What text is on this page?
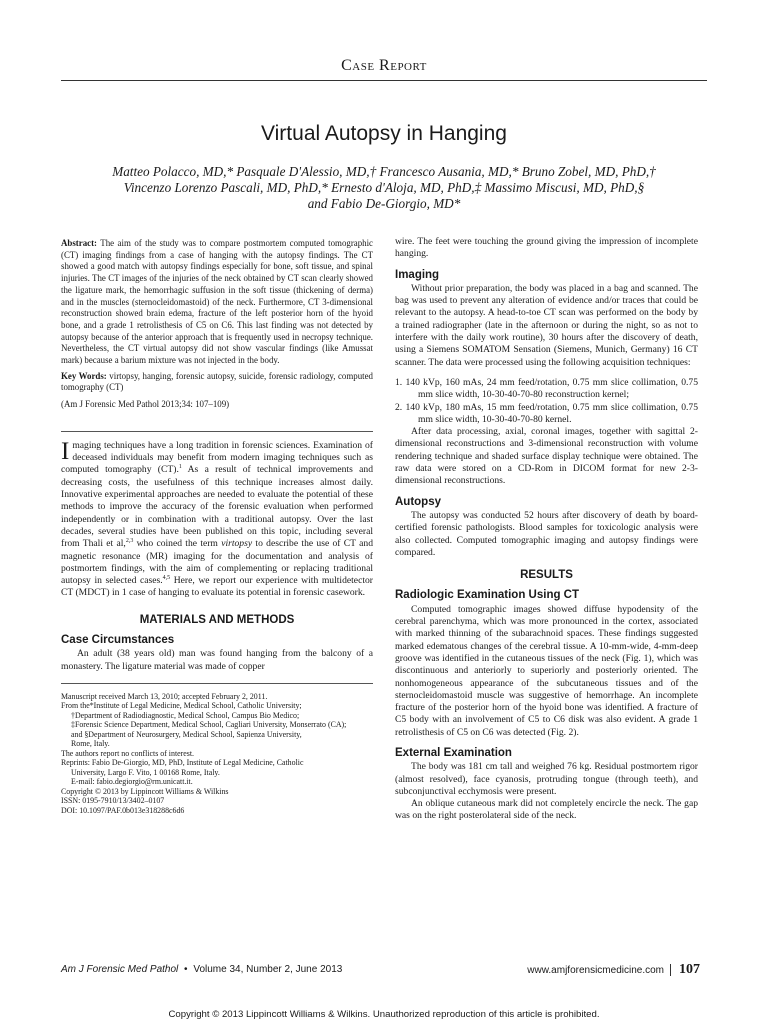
Case Report
Virtual Autopsy in Hanging
Matteo Polacco, MD,* Pasquale D'Alessio, MD,† Francesco Ausania, MD,* Bruno Zobel, MD, PhD,†
Vincenzo Lorenzo Pascali, MD, PhD,* Ernesto d'Aloja, MD, PhD,‡ Massimo Miscusi, MD, PhD,§
and Fabio De-Giorgio, MD*
Abstract: The aim of the study was to compare postmortem computed tomographic (CT) imaging findings from a case of hanging with the autopsy findings. The CT showed a good match with autopsy findings especially for bone, soft tissue, and spinal injuries. The CT images of the injuries of the neck obtained by CT scan clearly showed the ligature mark, the hemorrhagic suffusion in the soft tissue (thickening of derma) and in the muscles (sternocleidomastoid) of the neck. Furthermore, CT 3-dimensional reconstruction showed brain edema, fracture of the left posterior horn of the hyoid bone, and a grade 1 retrolisthesis of C5 on C6. This last finding was not detected by autopsy because of the anterior approach that is frequently used in necropsy technique. Nevertheless, the CT virtual autopsy did not show vascular findings (like Amussat mark) because a barium mixture was not injected in the body.
Key Words: virtopsy, hanging, forensic autopsy, suicide, forensic radiology, computed tomography (CT)
(Am J Forensic Med Pathol 2013;34: 107–109)
Imaging techniques have a long tradition in forensic sciences. Examination of deceased individuals may benefit from modern imaging techniques such as computed tomography (CT).$^1$ As a result of technical improvements and decreasing costs, the usefulness of this technique increases almost daily. Innovative experimental approaches are needed to evaluate the potential of these methods to improve the accuracy of the forensic evaluation when performed independently or in combination with a traditional autopsy. Over the last decades, several studies have been published on this topic, including several from Thali et al,$^{2,3}$ who coined the term virtopsy to describe the use of CT and magnetic resonance (MR) imaging for the documentation and analysis of postmortem findings, with the aim of complementing or replacing traditional autopsy in selected cases.$^{4,5}$ Here, we report our experience with multidetector CT (MDCT) in 1 case of hanging to evaluate its potential in forensic casework.
MATERIALS AND METHODS
Case Circumstances

An adult (38 years old) man was found hanging from the balcony of a monastery. The ligature material was made of copper

Manuscript received March 13, 2010; accepted February 2, 2011.
From the*Institute of Legal Medicine, Medical School, Catholic University;
†Department of Radiodiagnostic, Medical School, Campus Bio Medico;
‡Forensic Science Department, Medical School, Cagliari University, Monserrato (CA);
and §Department of Neurosurgery, Medical School, Sapienza University,
Rome, Italy.
The authors report no conflicts of interest.
Reprints: Fabio De-Giorgio, MD, PhD, Institute of Legal Medicine, Catholic
University, Largo F. Vito, 1 00168 Rome, Italy.
E-mail: fabio.degiorgio@rm.unicatt.it.
Copyright © 2013 by Lippincott Williams & Wilkins
ISSN: 0195-7910/13/3402–0107
DOI: 10.1097/PAF.0b013e318288c6d6

wire. The feet were touching the ground giving the impression of incomplete hanging.

Imaging

Without prior preparation, the body was placed in a bag and scanned. The bag was used to prevent any alteration of evidence and/or traces that could be relevant to the autopsy. A head-to-toe CT scan was performed on the body by a trained radiographer (late in the afternoon or during the night, so as not to interfere with the daily work routine), 30 hours after the discovery of death, using a Siemens SOMATOM Sensation (Siemens, Munich, Germany) 16 CT scanner. The data were processed using the following acquisition techniques:

1. 140 kVp, 160 mAs, 24 mm feed/rotation, 0.75 mm slice collimation, 0.75 mm slice width, 10-30-40-70-80 reconstruction kernel;
2. 140 kVp, 180 mAs, 15 mm feed/rotation, 0.75 mm slice collimation, 0.75 mm slice width, 10-30-40-70-80 kernel.

After data processing, axial, coronal images, together with sagittal 2-dimensional reconstructions and 3-dimensional reconstruction with volume rendering technique and shaded surface display technique were obtained. The raw data were stored on a CD-Rom in DICOM format for new 2-3-dimensional reconstructions.

Autopsy

The autopsy was conducted 52 hours after discovery of death by board-certified forensic pathologists. Blood samples for toxicologic analysis were also collected. Computed tomographic imaging and autopsy findings were compared.

RESULTS
Radiologic Examination Using CT

Computed tomographic images showed diffuse hypodensity of the cerebral parenchyma, which was more pronounced in the cortex, associated with marked thinning of the subarachnoid spaces. These findings suggested marked edematous changes of the cerebral tissue. A 10-mm-wide, 4-mm-deep groove was identified in the cutaneous tissues of the neck (Fig. 1), which was discontinuous and anteriorly to superiorly and posteriorly oriented. The nonhomogeneous appearance of the subcutaneous tissues and of the sternocleidomastoid muscle was suggestive of hemorrhage. An incomplete fracture of the posterior horn of the hyoid bone was identified. A fracture of C5 body with an involvement of C5 to C6 disk was also evident. A grade 1 retrolisthesis of C5 on C6 was detected (Fig. 2).

External Examination

The body was 181 cm tall and weighed 76 kg. Residual postmortem rigor (almost resolved), face cyanosis, protruding tongue (through teeth), and subconjunctival ecchymosis were present.

An oblique cutaneous mark did not completely encircle the neck. The gap was on the right posterolateral side of the neck.

Am J Forensic Med Pathol • Volume 34, Number 2, June 2013	www.amjforensicmedicine.com 107
Copyright © 2013 Lippincott Williams & Wilkins. Unauthorized reproduction of this article is prohibited.
